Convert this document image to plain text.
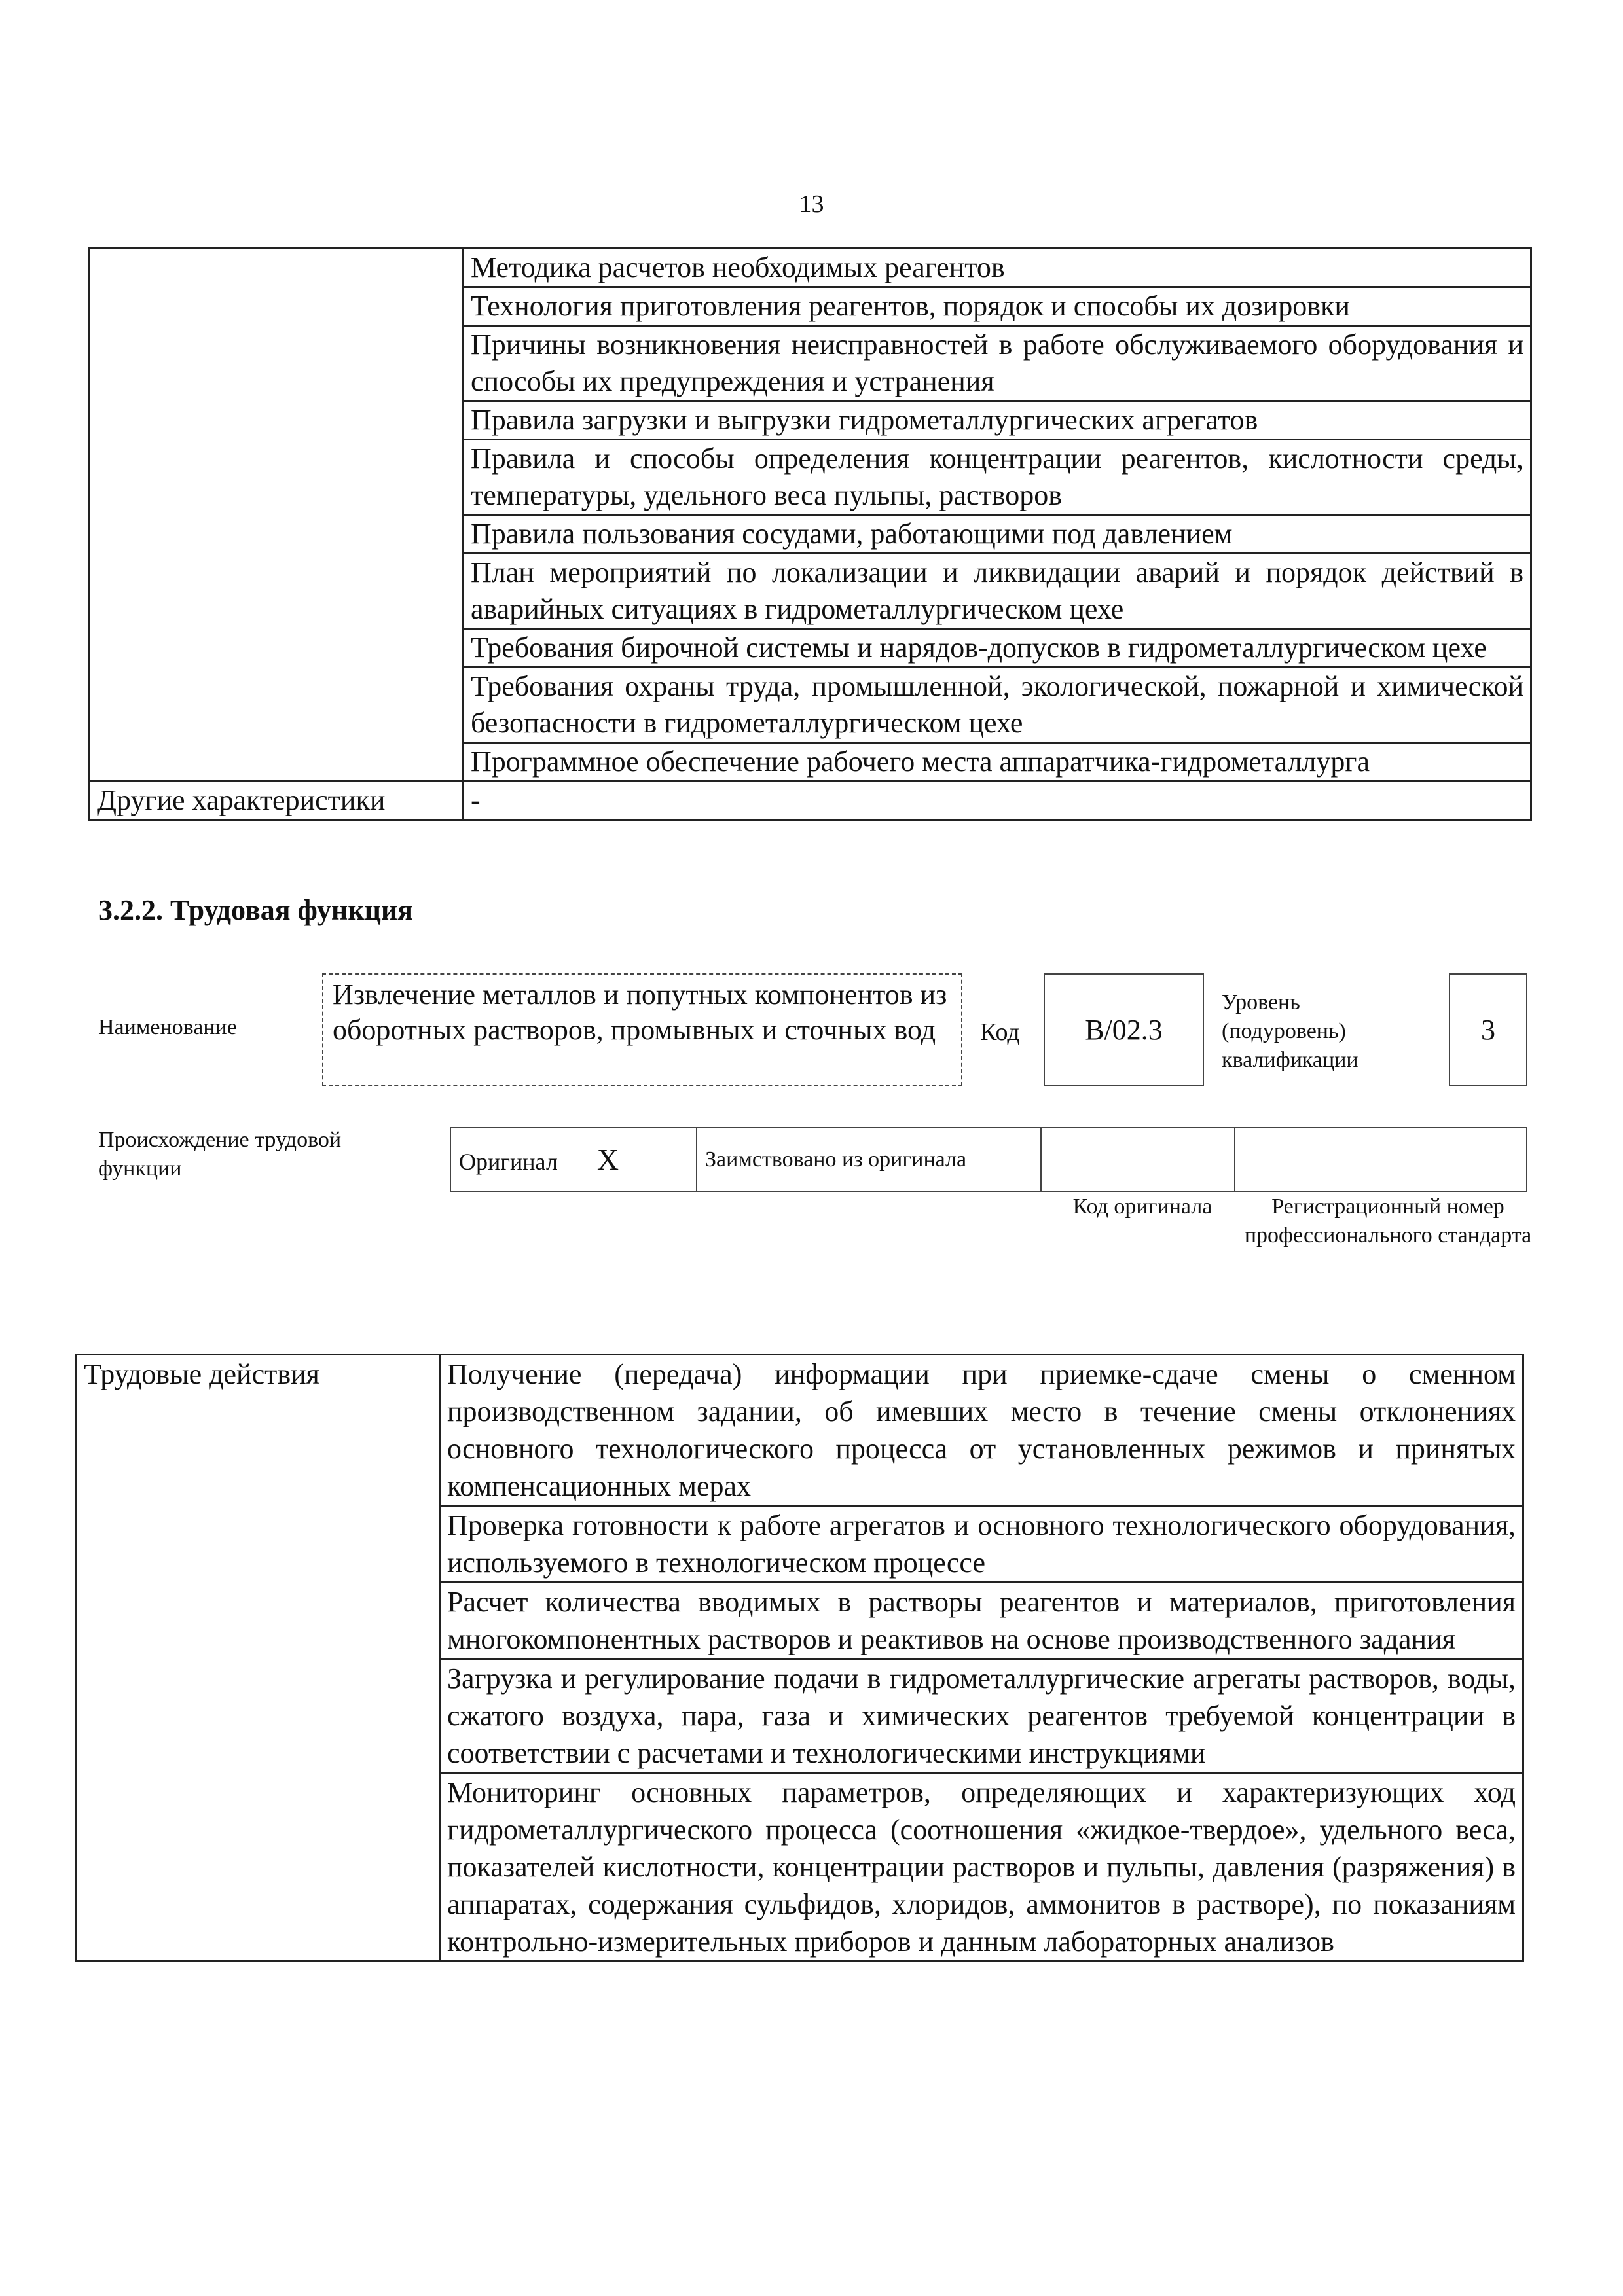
13
	Методика расчетов необходимых реагентов
	Технология приготовления реагентов, порядок и способы их дозировки
	Причины возникновения неисправностей в работе обслуживаемого оборудования и способы их предупреждения и устранения
	Правила загрузки и выгрузки гидрометаллургических агрегатов
	Правила и способы определения концентрации реагентов, кислотности среды, температуры, удельного веса пульпы, растворов
	Правила пользования сосудами, работающими под давлением
	План мероприятий по локализации и ликвидации аварий и порядок действий в аварийных ситуациях в гидрометаллургическом цехе
	Требования бирочной системы и нарядов-допусков в гидрометаллургическом цехе
	Требования охраны труда, промышленной, экологической, пожарной и химической безопасности в гидрометаллургическом цехе
	Программное обеспечение рабочего места аппаратчика-гидрометаллурга
Другие характеристики	-
3.2.2. Трудовая функция
Наименование
Извлечение металлов и попутных компонентов из оборотных растворов, промывных и сточных вод	Код	В/02.3
Уровень (подуровень) квалификации
3
Происхождение трудовой функции	Оригинал X	Заимствовано из оригинала		
Код оригинала	Регистрационный номер профессионального стандарта
Трудовые действия	Получение (передача) информации при приемке-сдаче смены о сменном производственном задании, об имевших место в течение смены отклонениях основного технологического процесса от установленных режимов и принятых компенсационных мерах
Проверка готовности к работе агрегатов и основного технологического оборудования, используемого в технологическом процессе
Расчет количества вводимых в растворы реагентов и материалов, приготовления многокомпонентных растворов и реактивов на основе производственного задания
Загрузка и регулирование подачи в гидрометаллургические агрегаты растворов, воды, сжатого воздуха, пара, газа и химических реагентов требуемой концентрации в соответствии с расчетами и технологическими инструкциями
Мониторинг основных параметров, определяющих и характеризующих ход гидрометаллургического процесса (соотношения «жидкое-твердое», удельного веса, показателей кислотности, концентрации растворов и пульпы, давления (разряжения) в аппаратах, содержания сульфидов, хлоридов, аммонитов в растворе), по показаниям контрольно-измерительных приборов и данным лабораторных анализов
